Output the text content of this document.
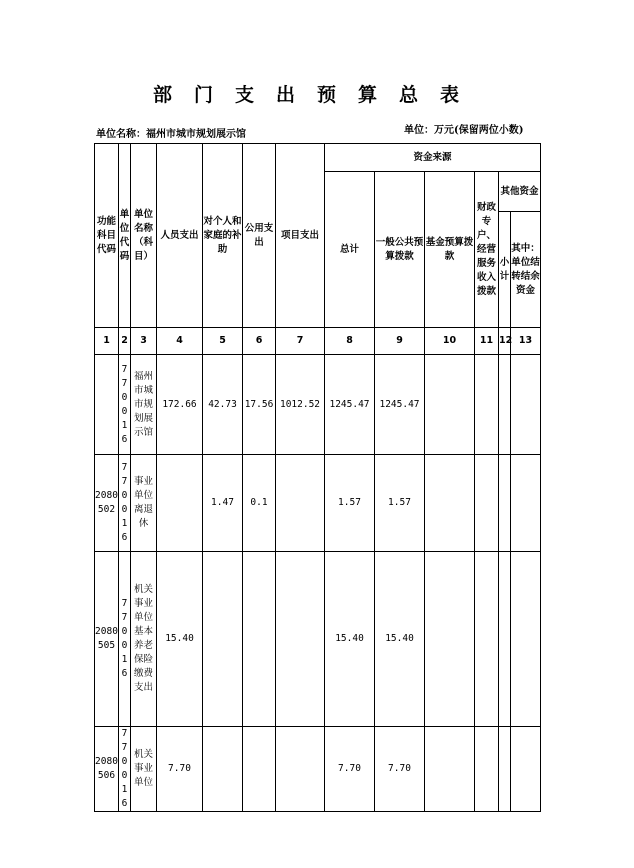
部门支出预算总表
单位名称：福州市城市规划展示馆	单位：万元(保留两位小数)
功能科目代码	单位代码	单位名称（科目）	人员支出	对个人和家庭的补助	公用支出	项目支出	资金来源					
							总计	一般公共预算拨款	基金预算拨款	财政专户、经营服务收入拨款	其他资金	
											小计	其中：单位结转结余资金
1	2	3	4	5	6	7	8	9	10	11	12	13
	770016	福州市城市规划展示馆	172.66	42.73	17.56	1012.52	1245.47	1245.47				
2080502	770016	事业单位离退休		1.47	0.1		1.57	1.57				
2080505	770016	机关事业单位基本养老保险缴费支出	15.40				15.40	15.40				
2080506	770016	机关事业单位	7.70				7.70	7.70				
